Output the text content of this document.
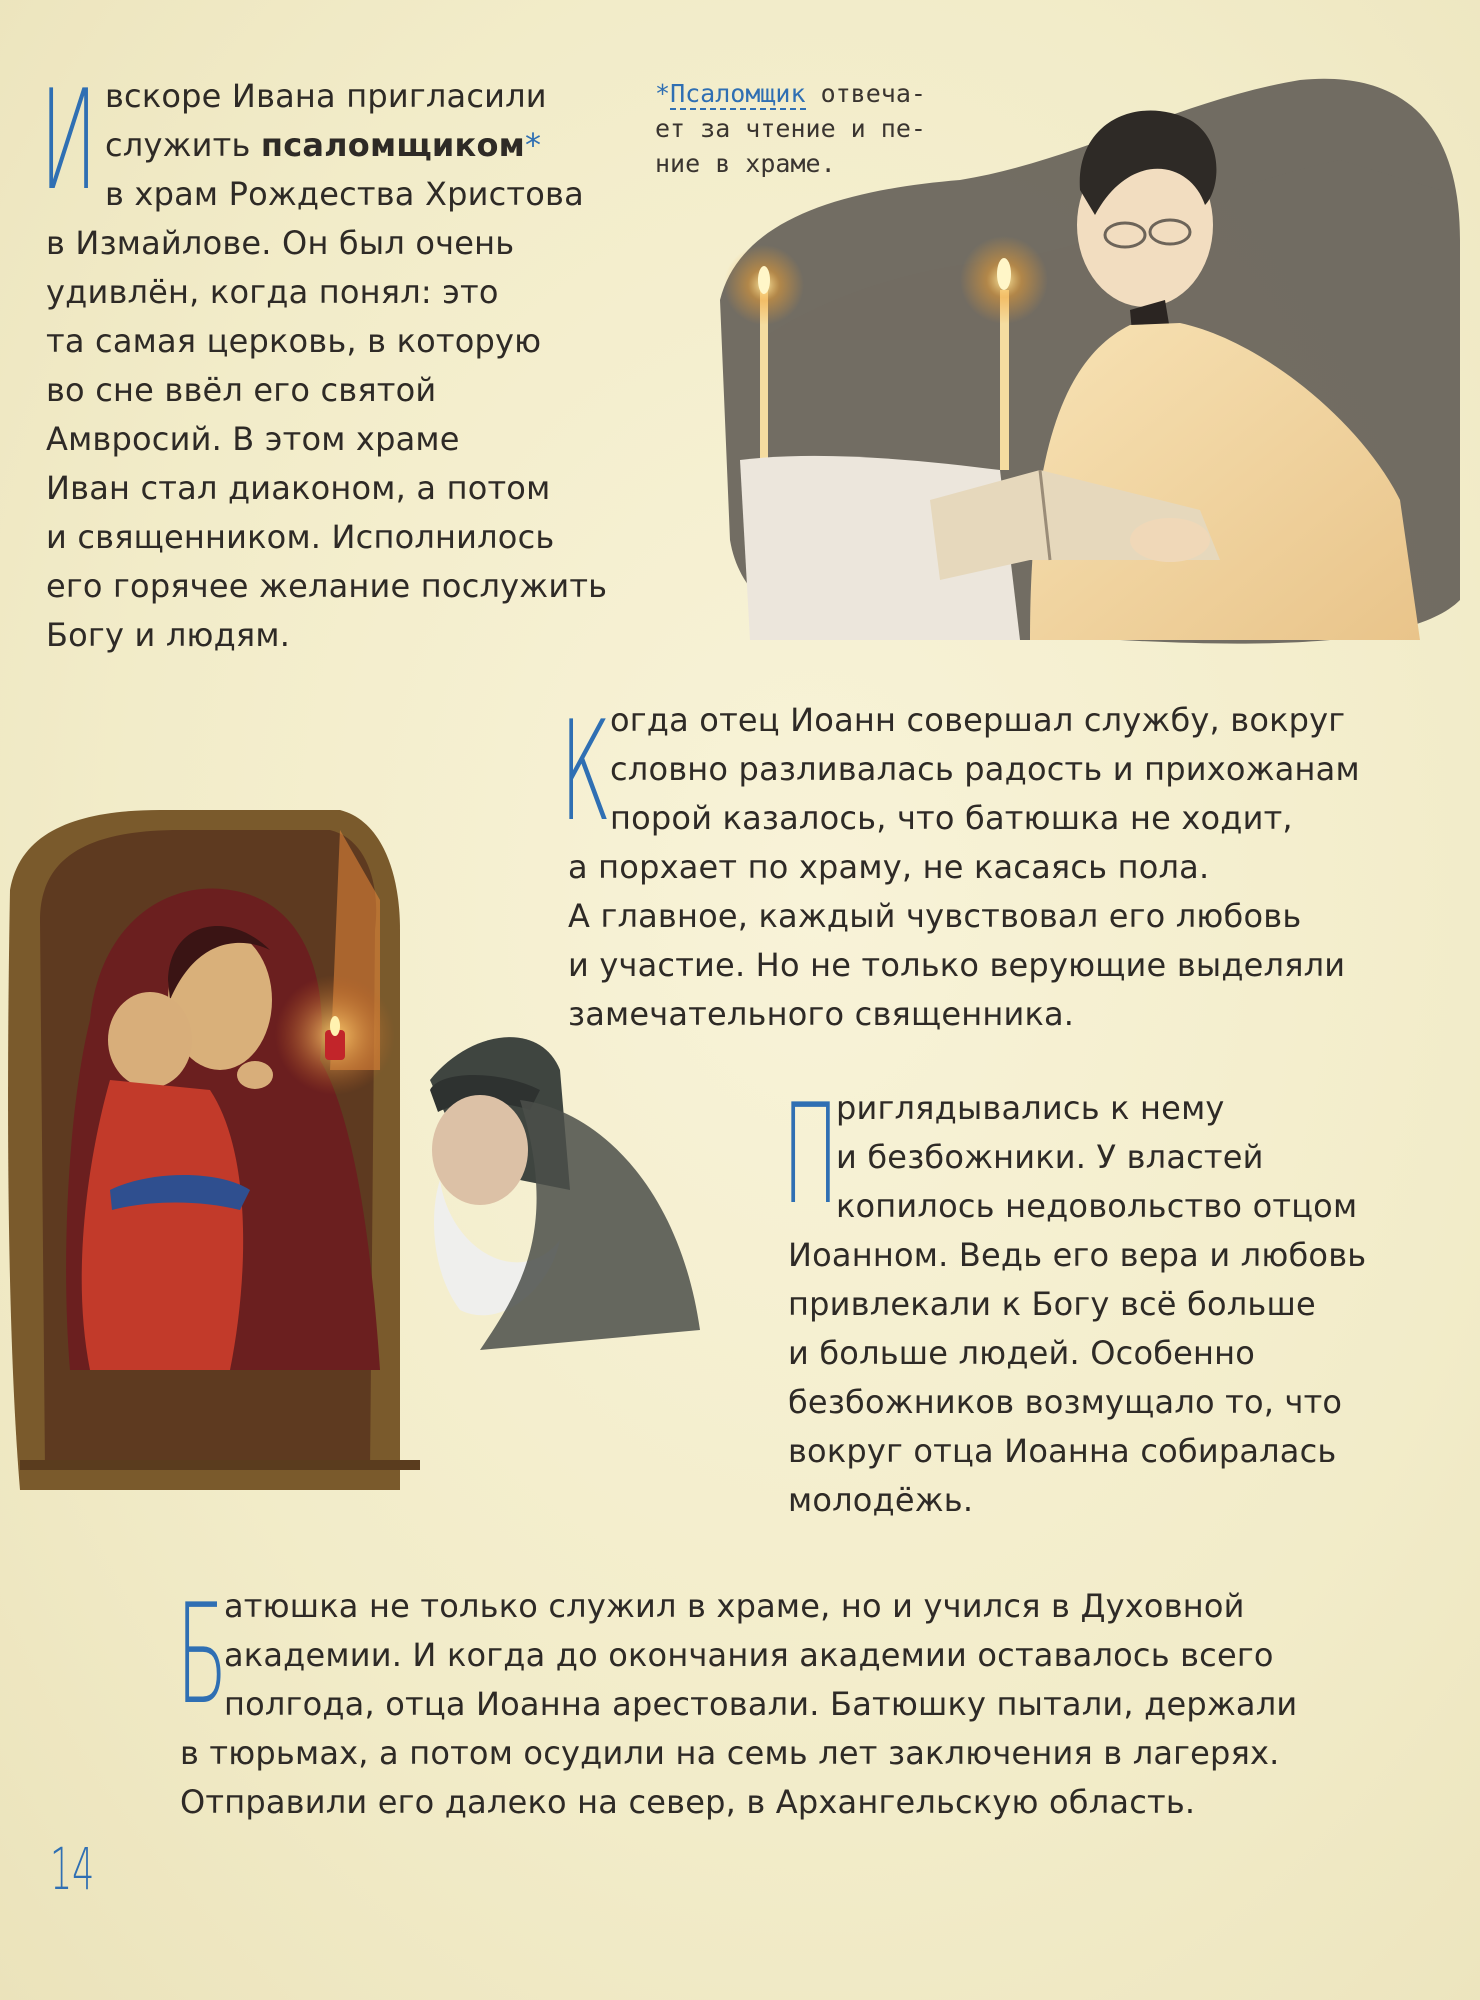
И вскоре Ивана пригласили
служить псаломщиком*
в храм Рождества Христова
в Измайлове. Он был очень
удивлён, когда понял: это
та самая церковь, в которую
во сне ввёл его святой
Амвросий. В этом храме
Иван стал диаконом, а потом
и священником. Исполнилось
его горячее желание послужить
Богу и людям.
*Псаломщик отвеча-
ет за чтение и пе-
ние в храме.
К
огда отец Иоанн совершал службу, вокруг
словно разливалась радость и прихожанам
порой казалось, что батюшка не ходит,
а порхает по храму, не касаясь пола.
А главное, каждый чувствовал его любовь
и участие. Но не только верующие выделяли
замечательного священника.
П
риглядывались к нему
и безбожники. У властей
копилось недовольство отцом
Иоанном. Ведь его вера и любовь
привлекали к Богу всё больше
и больше людей. Особенно
безбожников возмущало то, что
вокруг отца Иоанна собиралась
молодёжь.
Б
атюшка не только служил в храме, но и учился в Духовной
академии. И когда до окончания академии оставалось всего
полгода, отца Иоанна арестовали. Батюшку пытали, держали
в тюрьмах, а потом осудили на семь лет заключения в лагерях.
Отправили его далеко на север, в Архангельскую область.
14
